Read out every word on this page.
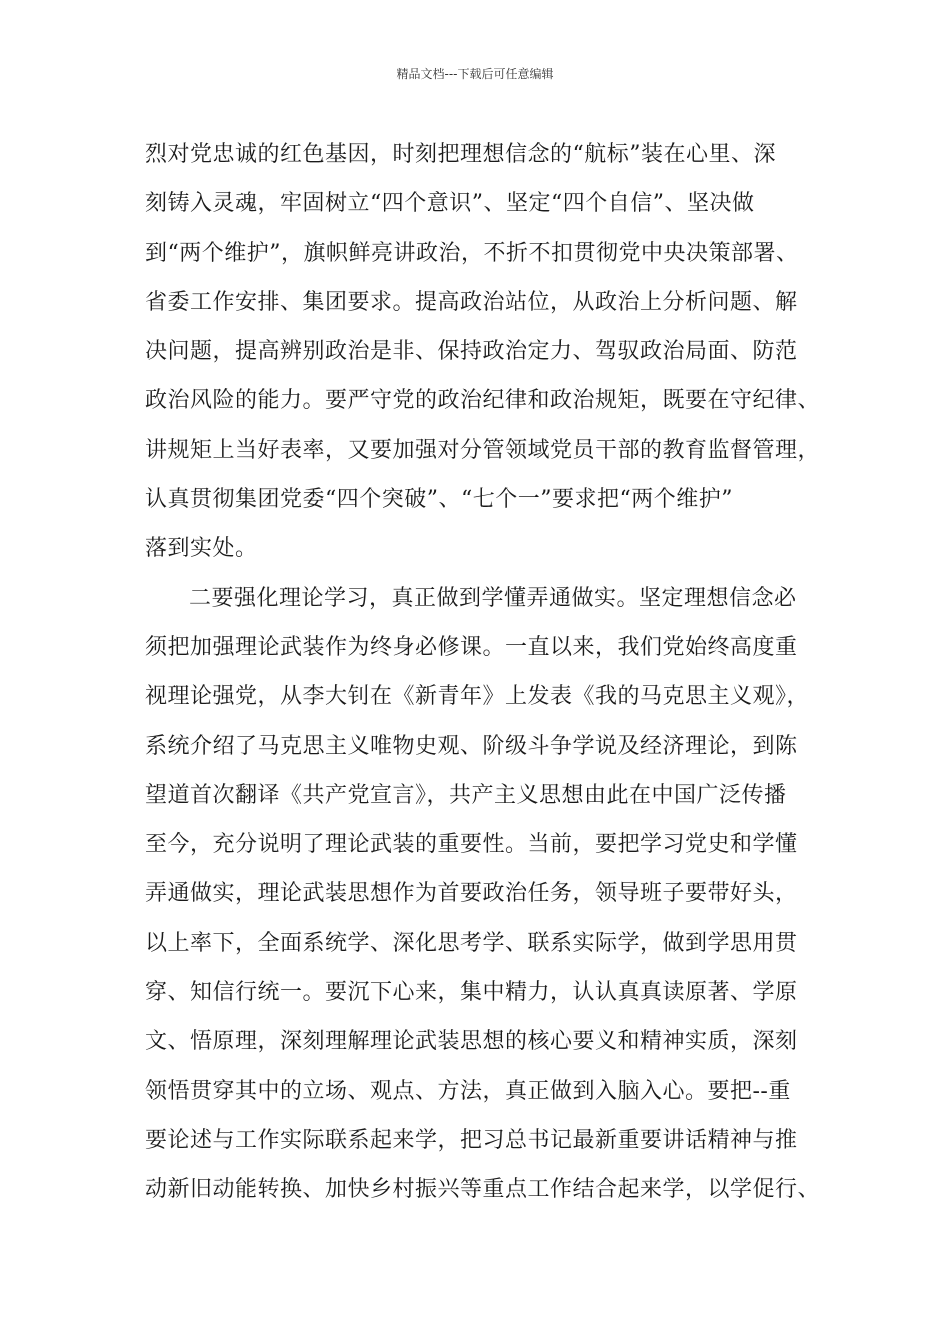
精品文档---下载后可任意编辑
烈对党忠诚的红色基因，时刻把理想信念的“航标”装在心里、深
刻铸入灵魂，牢固树立“四个意识”、坚定“四个自信”、坚决做
到“两个维护”，旗帜鲜亮讲政治，不折不扣贯彻党中央决策部署、
省委工作安排、集团要求。提高政治站位，从政治上分析问题、解
决问题，提高辨别政治是非、保持政治定力、驾驭政治局面、防范
政治风险的能力。要严守党的政治纪律和政治规矩，既要在守纪律、
讲规矩上当好表率，又要加强对分管领域党员干部的教育监督管理，
认真贯彻集团党委“四个突破”、“七个一”要求把“两个维护”
落到实处。
二要强化理论学习，真正做到学懂弄通做实。坚定理想信念必
须把加强理论武装作为终身必修课。一直以来，我们党始终高度重
视理论强党，从李大钊在《新青年》上发表《我的马克思主义观》，
系统介绍了马克思主义唯物史观、阶级斗争学说及经济理论，到陈
望道首次翻译《共产党宣言》，共产主义思想由此在中国广泛传播
至今，充分说明了理论武装的重要性。当前，要把学习党史和学懂
弄通做实，理论武装思想作为首要政治任务，领导班子要带好头，
以上率下，全面系统学、深化思考学、联系实际学，做到学思用贯
穿、知信行统一。要沉下心来，集中精力，认认真真读原著、学原
文、悟原理，深刻理解理论武装思想的核心要义和精神实质，深刻
领悟贯穿其中的立场、观点、方法，真正做到入脑入心。要把--重
要论述与工作实际联系起来学，把习总书记最新重要讲话精神与推
动新旧动能转换、加快乡村振兴等重点工作结合起来学，以学促行、
